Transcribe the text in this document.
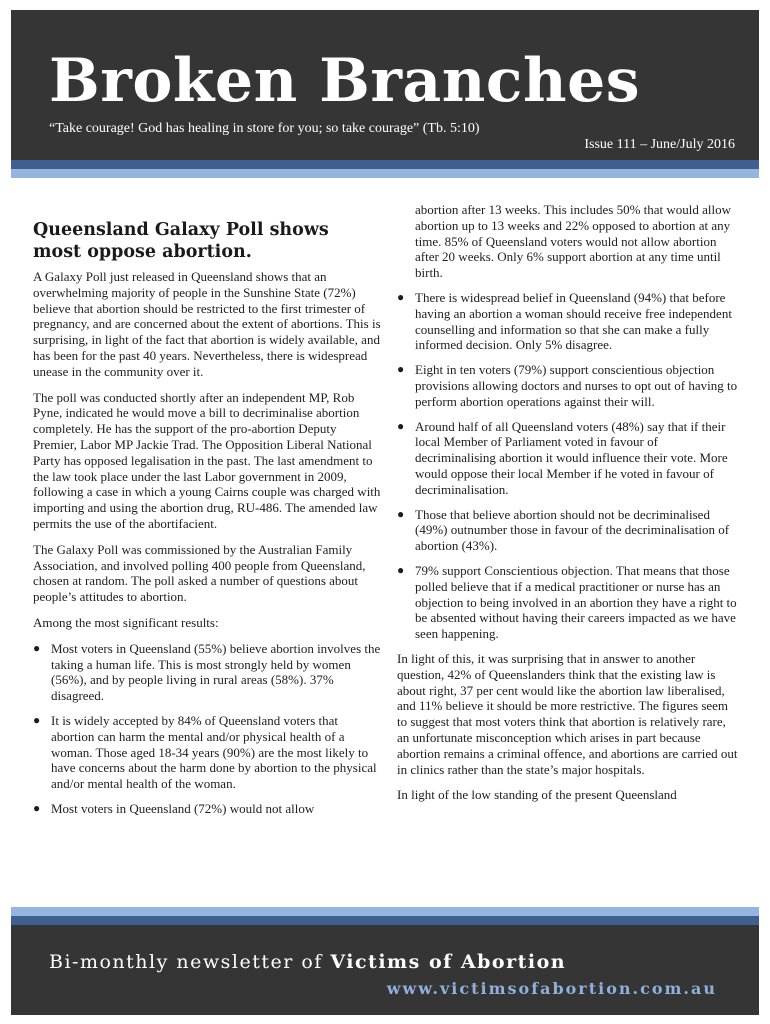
Broken Branches
“Take courage! God has healing in store for you; so take courage” (Tb. 5:10)
Issue 111 – June/July 2016
Queensland Galaxy Poll shows most oppose abortion.

A Galaxy Poll just released in Queensland shows that an overwhelming majority of people in the Sunshine State (72%) believe that abortion should be restricted to the first trimester of pregnancy, and are concerned about the extent of abortions. This is surprising, in light of the fact that abortion is widely available, and has been for the past 40 years. Nevertheless, there is widespread unease in the community over it.

The poll was conducted shortly after an independent MP, Rob Pyne, indicated he would move a bill to decriminalise abortion completely. He has the support of the pro-abortion Deputy Premier, Labor MP Jackie Trad. The Opposition Liberal National Party has opposed legalisation in the past. The last amendment to the law took place under the last Labor government in 2009, following a case in which a young Cairns couple was charged with importing and using the abortion drug, RU-486. The amended law permits the use of the abortifacient.

The Galaxy Poll was commissioned by the Australian Family Association, and involved polling 400 people from Queensland, chosen at random. The poll asked a number of questions about people’s attitudes to abortion.

Among the most significant results:

● Most voters in Queensland (55%) believe abortion involves the taking a human life. This is most strongly held by women (56%), and by people living in rural areas (58%). 37% disagreed.
● It is widely accepted by 84% of Queensland voters that abortion can harm the mental and/or physical health of a woman. Those aged 18-34 years (90%) are the most likely to have concerns about the harm done by abortion to the physical and/or mental health of the woman.
● Most voters in Queensland (72%) would not allow
abortion after 13 weeks. This includes 50% that would allow abortion up to 13 weeks and 22% opposed to abortion at any time. 85% of Queensland voters would not allow abortion after 20 weeks. Only 6% support abortion at any time until birth.
● There is widespread belief in Queensland (94%) that before having an abortion a woman should receive free independent counselling and information so that she can make a fully informed decision. Only 5% disagree.
● Eight in ten voters (79%) support conscientious objection provisions allowing doctors and nurses to opt out of having to perform abortion operations against their will.
● Around half of all Queensland voters (48%) say that if their local Member of Parliament voted in favour of decriminalising abortion it would influence their vote. More would oppose their local Member if he voted in favour of decriminalisation.
● Those that believe abortion should not be decriminalised (49%) outnumber those in favour of the decriminalisation of abortion (43%).
● 79% support Conscientious objection. That means that those polled believe that if a medical practitioner or nurse has an objection to being involved in an abortion they have a right to be absented without having their careers impacted as we have seen happening.

In light of this, it was surprising that in answer to another question, 42% of Queenslanders think that the existing law is about right, 37 per cent would like the abortion law liberalised, and 11% believe it should be more restrictive. The figures seem to suggest that most voters think that abortion is relatively rare, an unfortunate misconception which arises in part because abortion remains a criminal offence, and abortions are carried out in clinics rather than the state’s major hospitals.

In light of the low standing of the present Queensland

Bi-monthly newsletter of Victims of Abortion
www.victimsofabortion.com.au
